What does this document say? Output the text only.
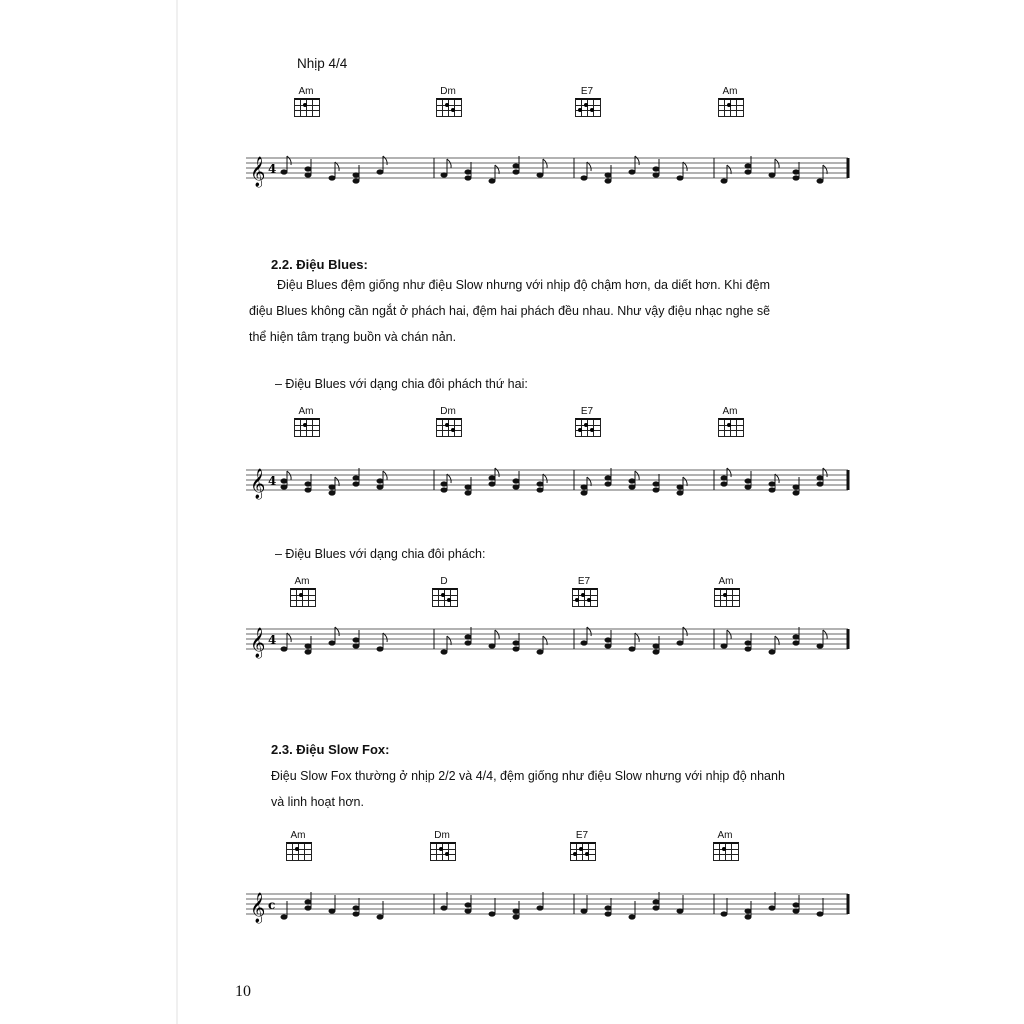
Nhịp 4/4
Am	Dm	E7	Am
𝄞 4
2.2. Điệu Blues:
Điệu Blues đệm giống như điệu Slow nhưng với nhịp độ chậm hơn, da diết hơn. Khi đệm
điệu Blues không cần ngắt ở phách hai, đệm hai phách đều nhau. Như vậy điệu nhạc nghe sẽ
thể hiện tâm trạng buồn và chán nản.
– Điệu Blues với dạng chia đôi phách thứ hai:
Am	Dm	E7	Am
𝄞 4
– Điệu Blues với dạng chia đôi phách:
Am	D	E7	Am
𝄞 4
2.3. Điệu Slow Fox:
Điệu Slow Fox thường ở nhịp 2/2 và 4/4, đệm giống như điệu Slow nhưng với nhịp độ nhanh
và linh hoạt hơn.
Am	Dm	E7	Am
𝄞 c
10
